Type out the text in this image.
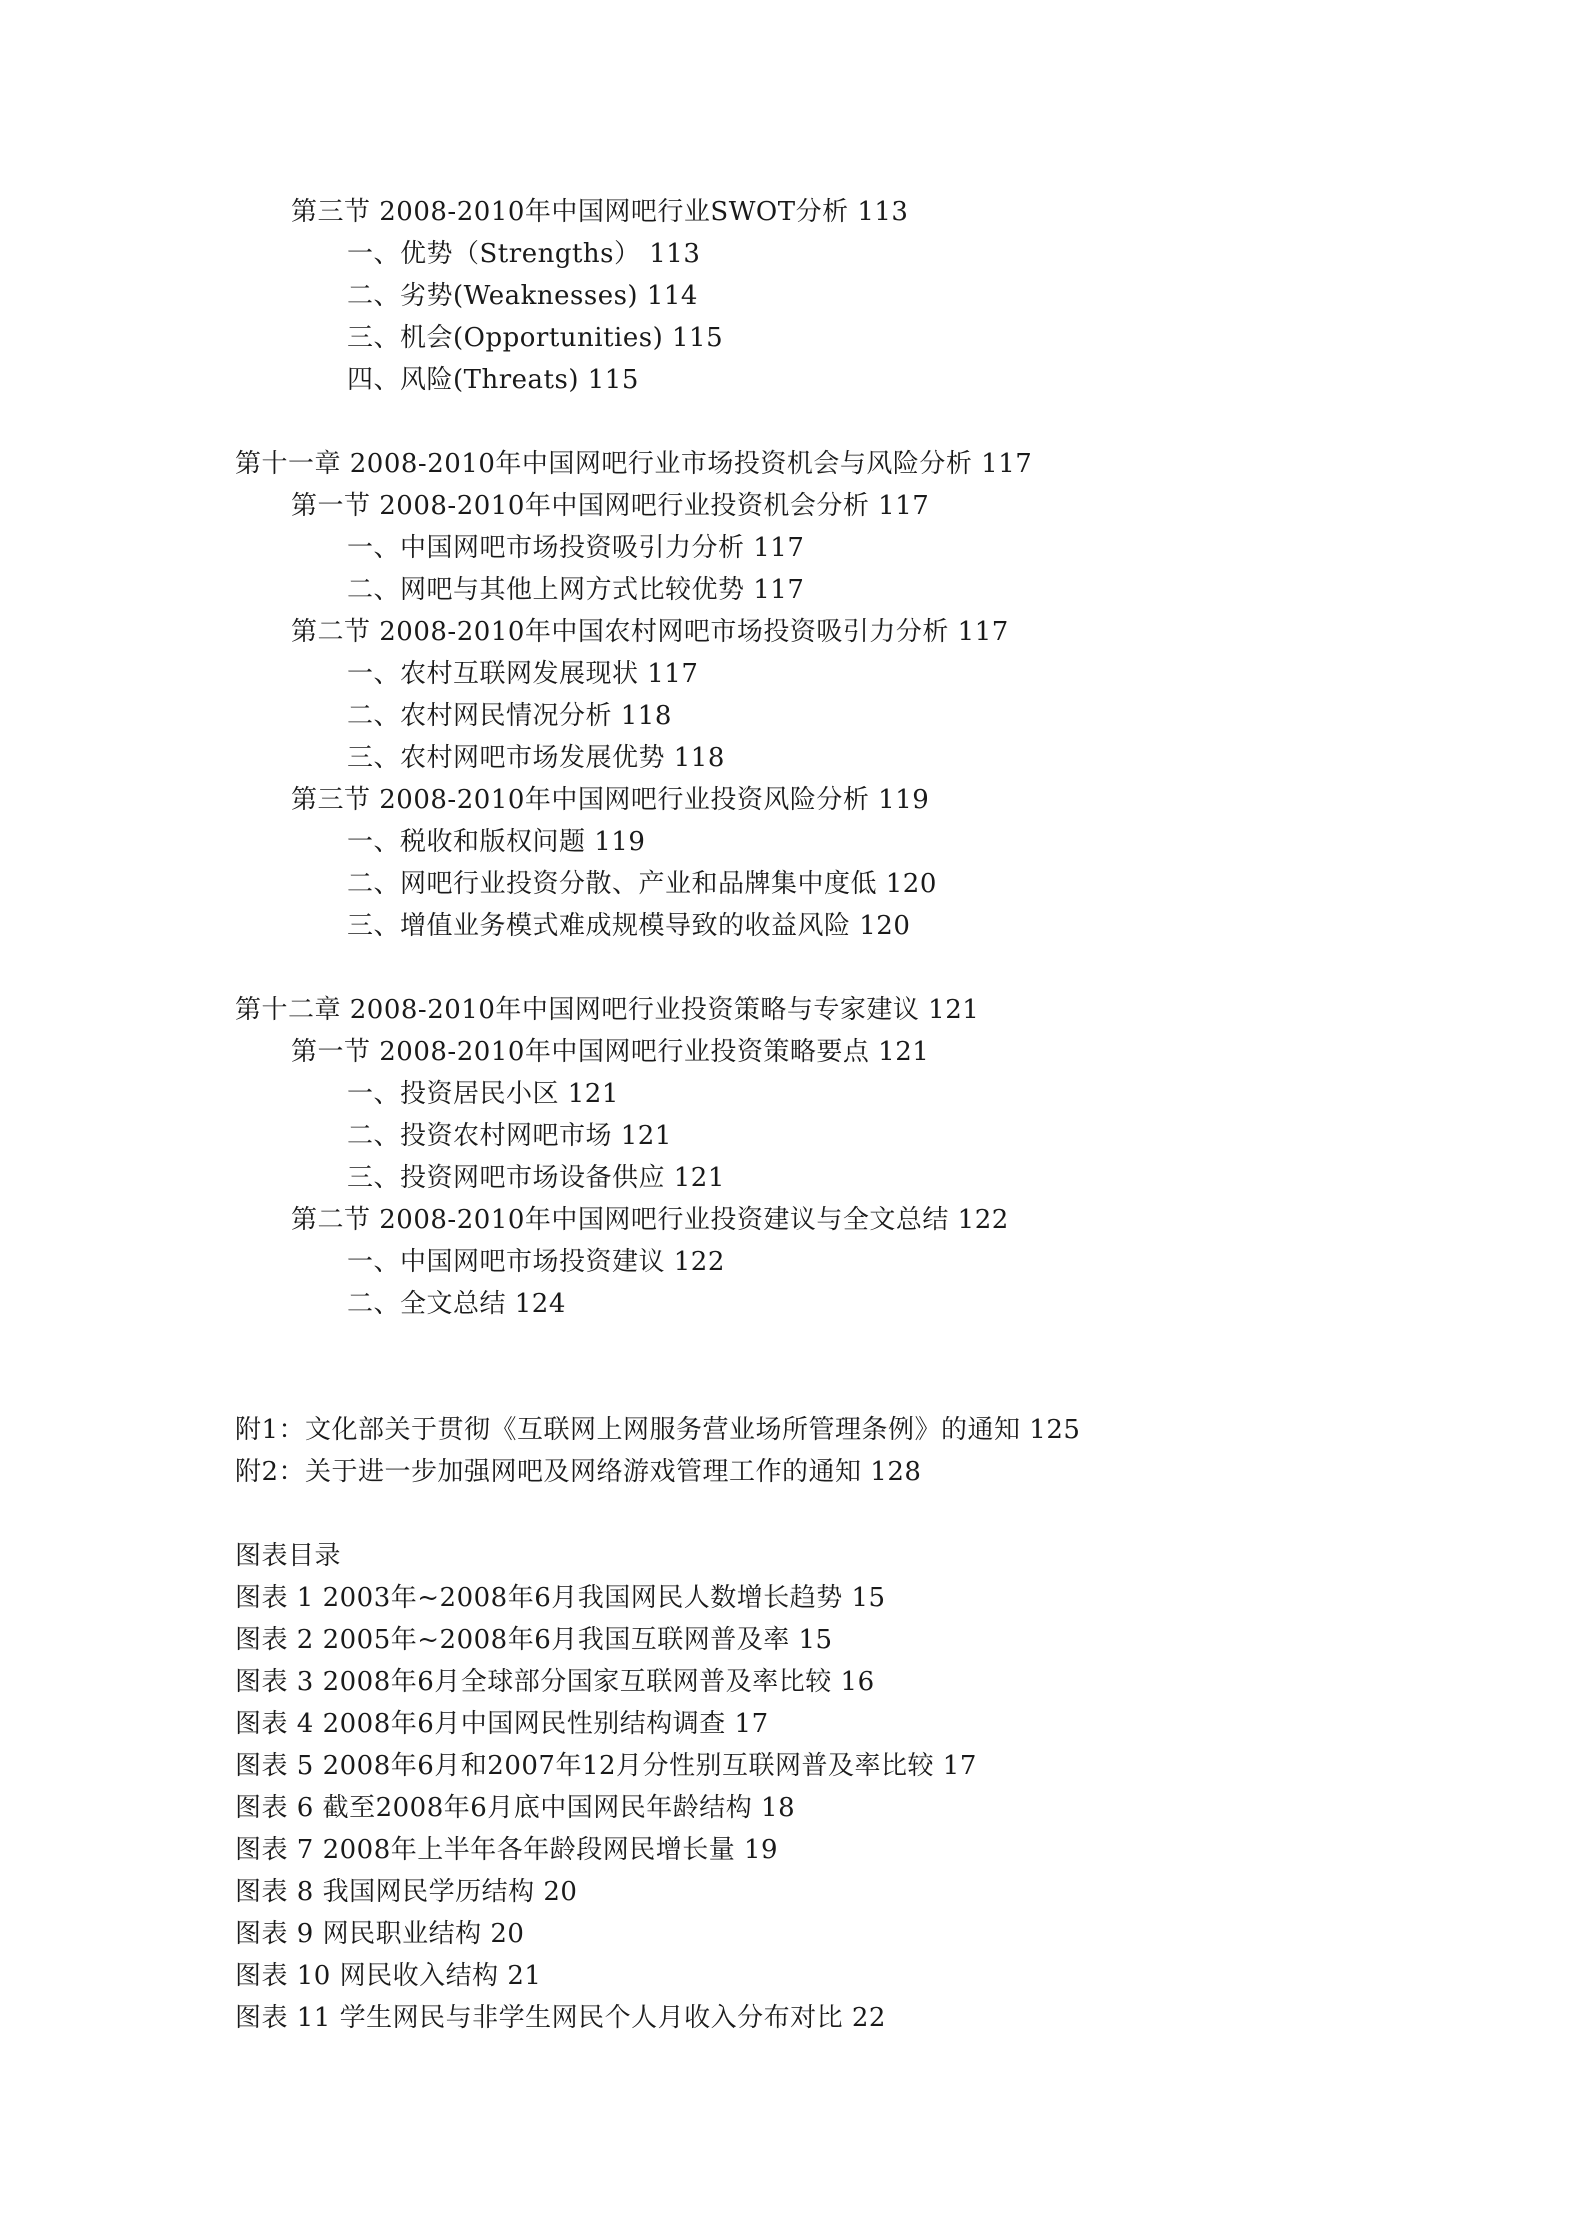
第三节 2008-2010年中国网吧行业SWOT分析 113
一、优势（Strengths） 113
二、劣势(Weaknesses) 114
三、机会(Opportunities) 115
四、风险(Threats) 115
第十一章 2008-2010年中国网吧行业市场投资机会与风险分析 117
第一节 2008-2010年中国网吧行业投资机会分析 117
一、中国网吧市场投资吸引力分析 117
二、网吧与其他上网方式比较优势 117
第二节 2008-2010年中国农村网吧市场投资吸引力分析 117
一、农村互联网发展现状 117
二、农村网民情况分析 118
三、农村网吧市场发展优势 118
第三节 2008-2010年中国网吧行业投资风险分析 119
一、税收和版权问题 119
二、网吧行业投资分散、产业和品牌集中度低 120
三、增值业务模式难成规模导致的收益风险 120
第十二章 2008-2010年中国网吧行业投资策略与专家建议 121
第一节 2008-2010年中国网吧行业投资策略要点 121
一、投资居民小区 121
二、投资农村网吧市场 121
三、投资网吧市场设备供应 121
第二节 2008-2010年中国网吧行业投资建议与全文总结 122
一、中国网吧市场投资建议 122
二、全文总结 124
附1：文化部关于贯彻《互联网上网服务营业场所管理条例》的通知 125
附2：关于进一步加强网吧及网络游戏管理工作的通知 128
图表目录
图表 1 2003年~2008年6月我国网民人数增长趋势 15
图表 2 2005年~2008年6月我国互联网普及率 15
图表 3 2008年6月全球部分国家互联网普及率比较 16
图表 4 2008年6月中国网民性别结构调查 17
图表 5 2008年6月和2007年12月分性别互联网普及率比较 17
图表 6 截至2008年6月底中国网民年龄结构 18
图表 7 2008年上半年各年龄段网民增长量 19
图表 8 我国网民学历结构 20
图表 9 网民职业结构 20
图表 10 网民收入结构 21
图表 11 学生网民与非学生网民个人月收入分布对比 22
